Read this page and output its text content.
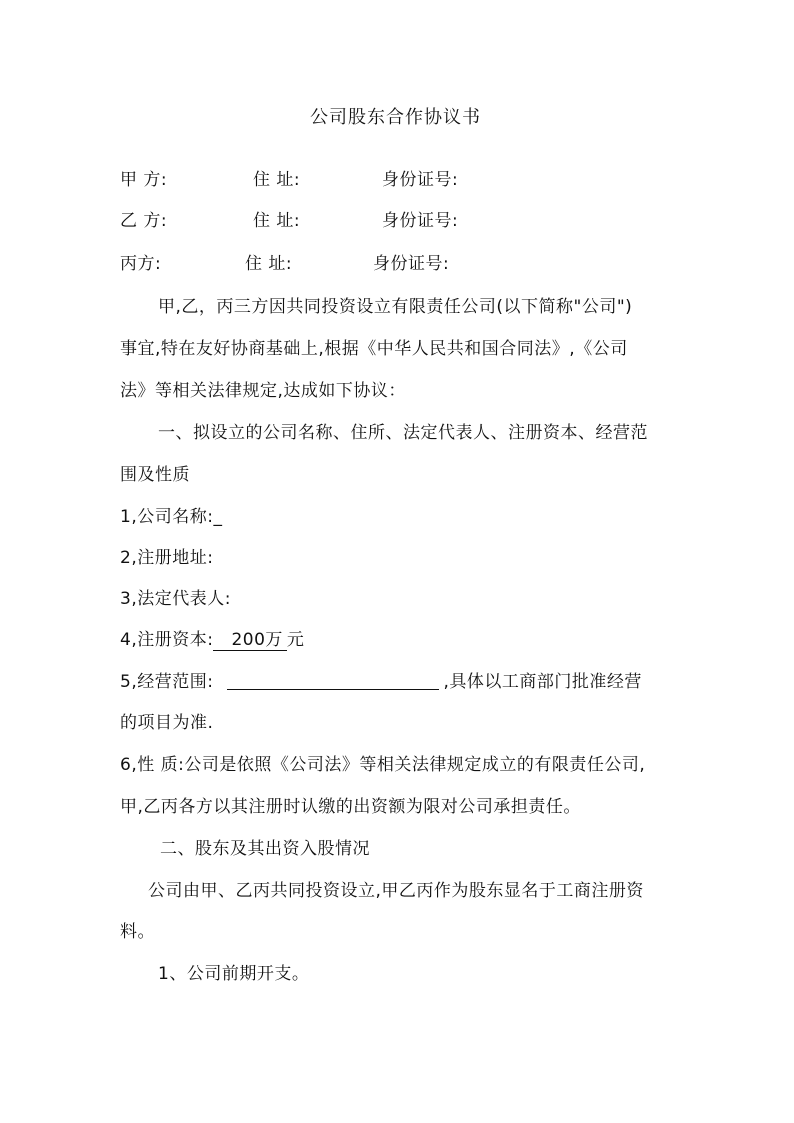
公司股东合作协议书
甲 方:	住 址:	身份证号:
乙 方:	住 址:	身份证号:
丙方:	住 址:	身份证号:
甲,乙，丙三方因共同投资设立有限责任公司(以下简称"公司")
事宜,特在友好协商基础上,根据《中华人民共和国合同法》,《公司
法》等相关法律规定,达成如下协议：
一、拟设立的公司名称、住所、法定代表人、注册资本、经营范
围及性质
1,公司名称:_
2,注册地址:
3,法定代表人:
4,注册资本: 200万 元
5,经营范围:	,具体以工商部门批准经营
的项目为准.
6,性 质:公司是依照《公司法》等相关法律规定成立的有限责任公司,
甲,乙丙各方以其注册时认缴的出资额为限对公司承担责任。
二、股东及其出资入股情况
公司由甲、乙丙共同投资设立,甲乙丙作为股东显名于工商注册资
料。
1、公司前期开支。
